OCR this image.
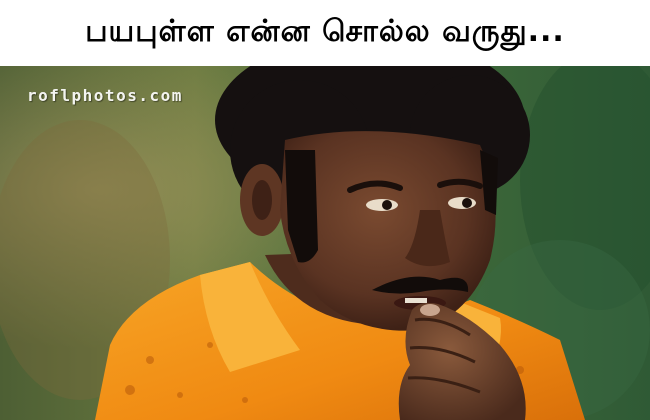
பயபுள்ள என்ன சொல்ல வருது...
roflphotos.com
